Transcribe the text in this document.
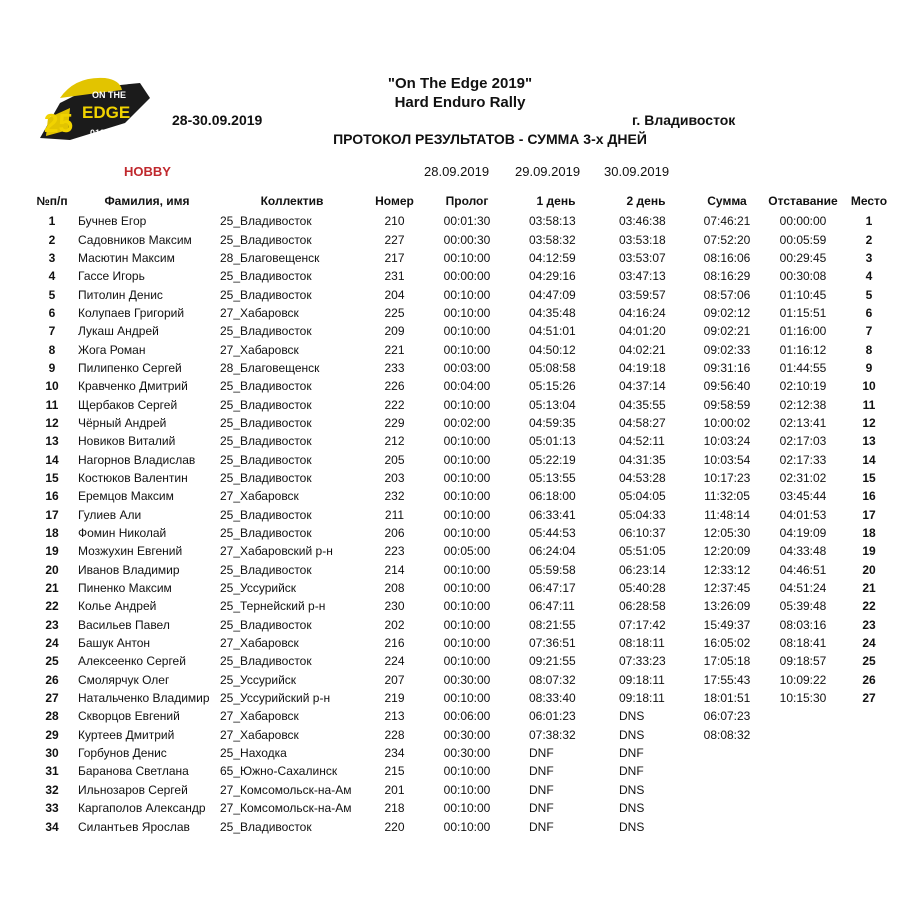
25
ON THE
EDGE
019
"On The Edge 2019"
Hard Enduro Rally
28-30.09.2019	г. Владивосток
ПРОТОКОЛ РЕЗУЛЬТАТОВ - СУММА 3-х ДНЕЙ
HOBBY	28.09.2019 29.09.2019 30.09.2019
№п/п	Фамилия, имя	Коллектив	Номер	Пролог	1 день	2 день	Сумма	Отставание	Место
1	Бучнев Егор	25_Владивосток	210	00:01:30	03:58:13	03:46:38	07:46:21	00:00:00	1
2	Садовников Максим	25_Владивосток	227	00:00:30	03:58:32	03:53:18	07:52:20	00:05:59	2
3	Масютин Максим	28_Благовещенск	217	00:10:00	04:12:59	03:53:07	08:16:06	00:29:45	3
4	Гассе Игорь	25_Владивосток	231	00:00:00	04:29:16	03:47:13	08:16:29	00:30:08	4
5	Питолин Денис	25_Владивосток	204	00:10:00	04:47:09	03:59:57	08:57:06	01:10:45	5
6	Колупаев Григорий	27_Хабаровск	225	00:10:00	04:35:48	04:16:24	09:02:12	01:15:51	6
7	Лукаш Андрей	25_Владивосток	209	00:10:00	04:51:01	04:01:20	09:02:21	01:16:00	7
8	Жога Роман	27_Хабаровск	221	00:10:00	04:50:12	04:02:21	09:02:33	01:16:12	8
9	Пилипенко Сергей	28_Благовещенск	233	00:03:00	05:08:58	04:19:18	09:31:16	01:44:55	9
10	Кравченко Дмитрий	25_Владивосток	226	00:04:00	05:15:26	04:37:14	09:56:40	02:10:19	10
11	Щербаков Сергей	25_Владивосток	222	00:10:00	05:13:04	04:35:55	09:58:59	02:12:38	11
12	Чёрный Андрей	25_Владивосток	229	00:02:00	04:59:35	04:58:27	10:00:02	02:13:41	12
13	Новиков Виталий	25_Владивосток	212	00:10:00	05:01:13	04:52:11	10:03:24	02:17:03	13
14	Нагорнов Владислав	25_Владивосток	205	00:10:00	05:22:19	04:31:35	10:03:54	02:17:33	14
15	Костюков Валентин	25_Владивосток	203	00:10:00	05:13:55	04:53:28	10:17:23	02:31:02	15
16	Еремцов Максим	27_Хабаровск	232	00:10:00	06:18:00	05:04:05	11:32:05	03:45:44	16
17	Гулиев Али	25_Владивосток	211	00:10:00	06:33:41	05:04:33	11:48:14	04:01:53	17
18	Фомин Николай	25_Владивосток	206	00:10:00	05:44:53	06:10:37	12:05:30	04:19:09	18
19	Мозжухин Евгений	27_Хабаровский р-н	223	00:05:00	06:24:04	05:51:05	12:20:09	04:33:48	19
20	Иванов Владимир	25_Владивосток	214	00:10:00	05:59:58	06:23:14	12:33:12	04:46:51	20
21	Пиненко Максим	25_Уссурийск	208	00:10:00	06:47:17	05:40:28	12:37:45	04:51:24	21
22	Колье Андрей	25_Тернейский р-н	230	00:10:00	06:47:11	06:28:58	13:26:09	05:39:48	22
23	Васильев Павел	25_Владивосток	202	00:10:00	08:21:55	07:17:42	15:49:37	08:03:16	23
24	Башук Антон	27_Хабаровск	216	00:10:00	07:36:51	08:18:11	16:05:02	08:18:41	24
25	Алексеенко Сергей	25_Владивосток	224	00:10:00	09:21:55	07:33:23	17:05:18	09:18:57	25
26	Смолярчук Олег	25_Уссурийск	207	00:30:00	08:07:32	09:18:11	17:55:43	10:09:22	26
27	Натальченко Владимир	25_Уссурийский р-н	219	00:10:00	08:33:40	09:18:11	18:01:51	10:15:30	27
28	Скворцов Евгений	27_Хабаровск	213	00:06:00	06:01:23	DNS	06:07:23		
29	Куртеев Дмитрий	27_Хабаровск	228	00:30:00	07:38:32	DNS	08:08:32		
30	Горбунов Денис	25_Находка	234	00:30:00	DNF	DNF			
31	Баранова Светлана	65_Южно-Сахалинск	215	00:10:00	DNF	DNF			
32	Ильнозаров Сергей	27_Комсомольск-на-Ам	201	00:10:00	DNF	DNS			
33	Каргаполов Александр	27_Комсомольск-на-Ам	218	00:10:00	DNF	DNS			
34	Силантьев Ярослав	25_Владивосток	220	00:10:00	DNF	DNS			
